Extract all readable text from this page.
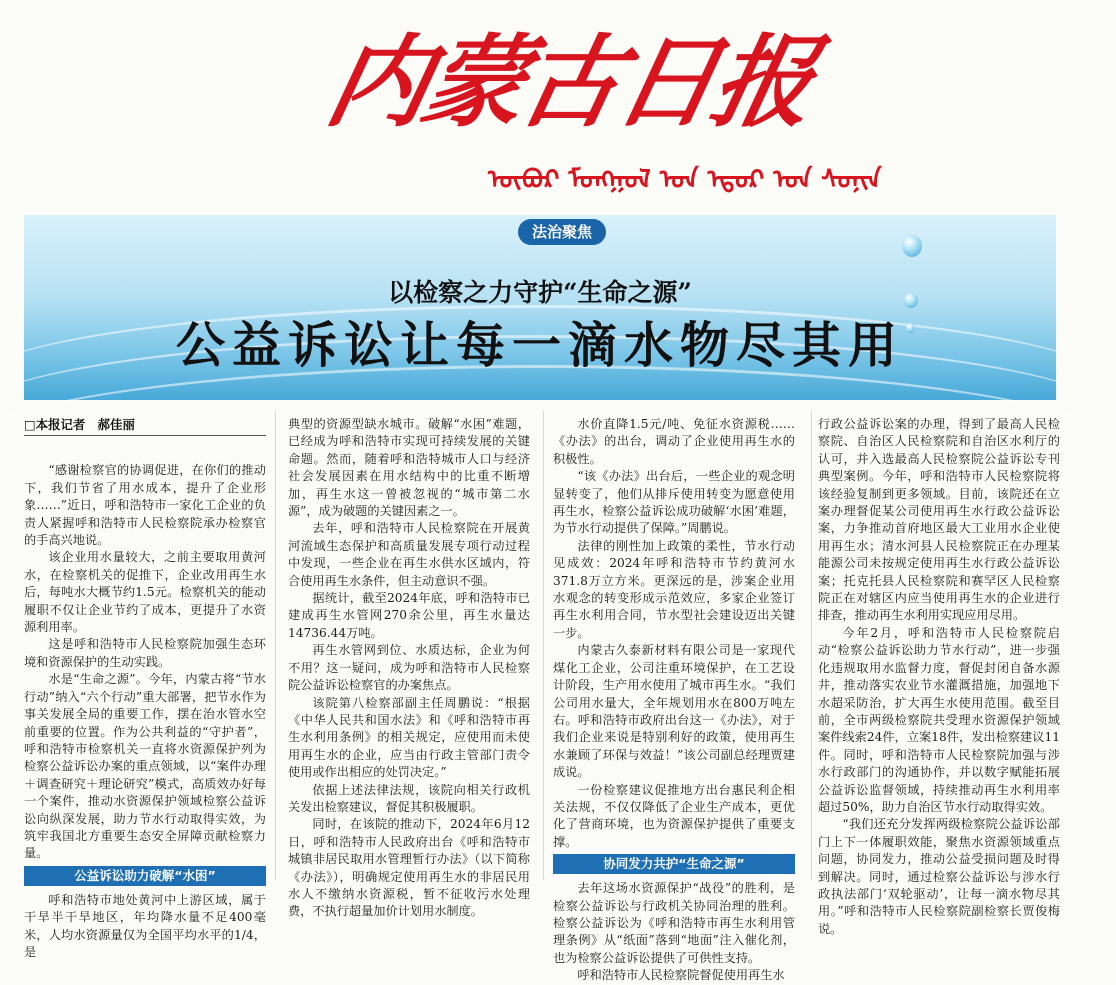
内蒙古日报
ᠥᠪᠥᠷ ᠮᠣᠩᠭᠣᠯ ᠤᠨ ᠡᠳᠦᠷ ᠤᠨ ᠰᠣᠨᠢᠨ
法治聚焦
以检察之力守护“生命之源”
公益诉讼让每一滴水物尽其用
□本报记者　郝佳丽

“感谢检察官的协调促进，在你们的推动下，我们节省了用水成本，提升了企业形象……”近日，呼和浩特市一家化工企业的负责人紧握呼和浩特市人民检察院承办检察官的手高兴地说。

该企业用水量较大，之前主要取用黄河水，在检察机关的促推下，企业改用再生水后，每吨水大概节约1.5元。检察机关的能动履职不仅让企业节约了成本，更提升了水资源利用率。

这是呼和浩特市人民检察院加强生态环境和资源保护的生动实践。

水是“生命之源”。今年，内蒙古将“节水行动”纳入“六个行动”重大部署，把节水作为事关发展全局的重要工作，摆在治水管水空前重要的位置。作为公共利益的“守护者”，呼和浩特市检察机关一直将水资源保护列为检察公益诉讼办案的重点领域，以“案件办理＋调查研究＋理论研究”模式，高质效办好每一个案件，推动水资源保护领域检察公益诉讼向纵深发展，助力节水行动取得实效，为筑牢我国北方重要生态安全屏障贡献检察力量。

公益诉讼助力破解“水困”

呼和浩特市地处黄河中上游区域，属于干旱半干旱地区，年均降水量不足400毫米，人均水资源量仅为全国平均水平的1/4，是

典型的资源型缺水城市。破解“水困”难题，已经成为呼和浩特市实现可持续发展的关键命题。然而，随着呼和浩特城市人口与经济社会发展因素在用水结构中的比重不断增加，再生水这一曾被忽视的“城市第二水源”，成为破题的关键因素之一。

去年，呼和浩特市人民检察院在开展黄河流域生态保护和高质量发展专项行动过程中发现，一些企业在再生水供水区域内，符合使用再生水条件，但主动意识不强。

据统计，截至2024年底，呼和浩特市已建成再生水管网270余公里，再生水量达14736.44万吨。

再生水管网到位、水质达标，企业为何不用？这一疑问，成为呼和浩特市人民检察院公益诉讼检察官的办案焦点。

该院第八检察部副主任周鹏说：“根据《中华人民共和国水法》和《呼和浩特市再生水利用条例》的相关规定，应使用而未使用再生水的企业，应当由行政主管部门责令使用或作出相应的处罚决定。”

依据上述法律法规，该院向相关行政机关发出检察建议，督促其积极履职。

同时，在该院的推动下，2024年6月12日，呼和浩特市人民政府出台《呼和浩特市城镇非居民取用水管理暂行办法》（以下简称《办法》），明确规定使用再生水的非居民用水人不缴纳水资源税，暂不征收污水处理费，不执行超量加价计划用水制度。

水价直降1.5元/吨、免征水资源税……《办法》的出台，调动了企业使用再生水的积极性。

“该《办法》出台后，一些企业的观念明显转变了，他们从排斥使用转变为愿意使用再生水，检察公益诉讼成功破解‘水困’难题，为节水行动提供了保障。”周鹏说。

法律的刚性加上政策的柔性，节水行动见成效：2024年呼和浩特市节约黄河水371.8万立方米。更深远的是，涉案企业用水观念的转变形成示范效应，多家企业签订再生水利用合同，节水型社会建设迈出关键一步。

内蒙古久泰新材料有限公司是一家现代煤化工企业，公司注重环境保护，在工艺设计阶段，生产用水使用了城市再生水。“我们公司用水量大，全年规划用水在800万吨左右。呼和浩特市政府出台这一《办法》，对于我们企业来说是特别利好的政策，使用再生水兼顾了环保与效益！”该公司副总经理贾建成说。

一份检察建议促推地方出台惠民利企相关法规，不仅仅降低了企业生产成本，更优化了营商环境，也为资源保护提供了重要支撑。

协同发力共护“生命之源”

去年这场水资源保护“战役”的胜利，是检察公益诉讼与行政机关协同治理的胜利。检察公益诉讼为《呼和浩特市再生水利用管理条例》从“纸面”落到“地面”注入催化剂，也为检察公益诉讼提供了可供性支持。

呼和浩特市人民检察院督促使用再生水

行政公益诉讼案的办理，得到了最高人民检察院、自治区人民检察院和自治区水利厅的认可，并入选最高人民检察院公益诉讼专刊典型案例。今年，呼和浩特市人民检察院将该经验复制到更多领域。目前，该院还在立案办理督促某公司使用再生水行政公益诉讼案，力争推动首府地区最大工业用水企业使用再生水；清水河县人民检察院正在办理某能源公司未按规定使用再生水行政公益诉讼案；托克托县人民检察院和赛罕区人民检察院正在对辖区内应当使用再生水的企业进行排查，推动再生水利用实现应用尽用。

今年2月，呼和浩特市人民检察院启动“检察公益诉讼助力节水行动”，进一步强化违规取用水监督力度，督促封闭自备水源井，推动落实农业节水灌溉措施，加强地下水超采防治，扩大再生水使用范围。截至目前，全市两级检察院共受理水资源保护领域案件线索24件，立案18件，发出检察建议11件。同时，呼和浩特市人民检察院加强与涉水行政部门的沟通协作，并以数字赋能拓展公益诉讼监督领域，持续推动再生水利用率超过50%，助力自治区节水行动取得实效。

“我们还充分发挥两级检察院公益诉讼部门上下一体履职效能，聚焦水资源领域重点问题，协同发力，推动公益受损问题及时得到解决。同时，通过检察公益诉讼与涉水行政执法部门‘双轮驱动’，让每一滴水物尽其用。”呼和浩特市人民检察院副检察长贾俊梅说。
